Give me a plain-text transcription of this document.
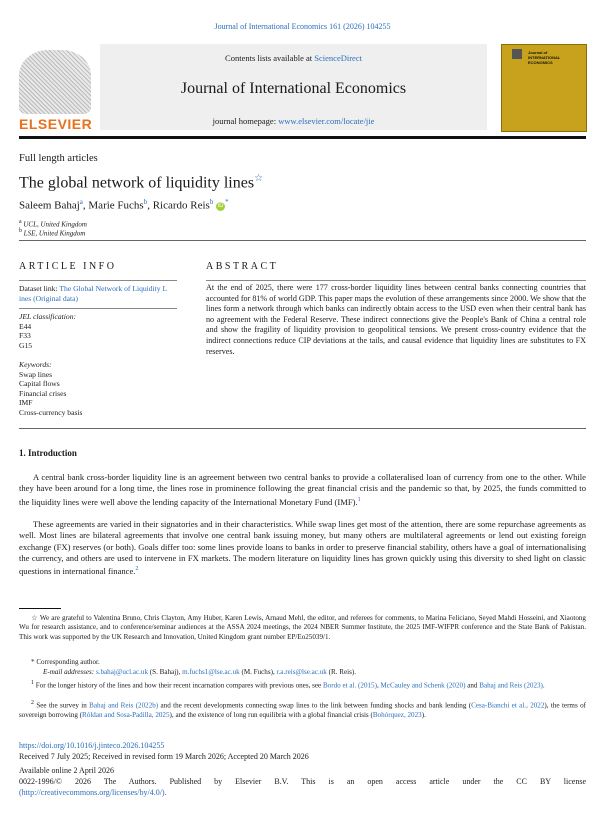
Journal of International Economics 161 (2026) 104255
ELSEVIER
Contents lists available at ScienceDirect
Journal of International Economics
journal homepage: www.elsevier.com/locate/jie
Journal of INTERNATIONAL ECONOMICS
Full length articles
The global network of liquidity lines☆
Saleem Bahaj$^a$, Marie Fuchs$^b$, Ricardo Reis$^b$ iD *
$^a$ UCL, United Kingdom
$^b$ LSE, United Kingdom
ARTICLE INFO	ABSTRACT
Dataset link: The Global Network of Liquidity L
ines (Original data)
JEL classification:
E44
F33
G15
Keywords:
Swap lines
Capital flows
Financial crises
IMF
Cross-currency basis
At the end of 2025, there were 177 cross-border liquidity lines between central banks connecting countries that accounted for 81% of world GDP. This paper maps the evolution of these arrangements since 2000. We show that the lines form a network through which banks can indirectly obtain access to the USD even when their central bank has no agreement with the Federal Reserve. These indirect connections give the People's Bank of China a central role and show the fragility of liquidity provision to geopolitical tensions. We present cross-country evidence that the indirect connections reduce CIP deviations at the tails, and causal evidence that liquidity lines are substitutes to FX reserves.
1. Introduction
A central bank cross-border liquidity line is an agreement between two central banks to provide a collateralised loan of currency from one to the other. While they have been around for a long time, the lines rose in prominence following the great financial crisis and the pandemic so that, by 2025, the funds committed to the liquidity lines were well above the lending capacity of the International Monetary Fund (IMF).$^1$
These agreements are varied in their signatories and in their characteristics. While swap lines get most of the attention, there are some repurchase agreements as well. Most lines are bilateral agreements that involve one central bank issuing money, but many others are multilateral agreements or lend out existing foreign exchange (FX) reserves (or both). Goals differ too: some lines provide loans to banks in order to preserve financial stability, others have a goal of internationalising the currency, and others are used to intervene in FX markets. The modern literature on liquidity lines has grown quickly using this diversity to shed light on classic questions in international finance.$^2$
☆ We are grateful to Valentina Bruno, Chris Clayton, Amy Huber, Karen Lewis, Arnaud Mehl, the editor, and referees for comments, to Marina Feliciano, Seyed Mahdi Hosseini, and Xiaotong Wu for research assistance, and to conference/seminar audiences at the ASSA 2024 meetings, the 2024 NBER Summer Institute, the 2025 IMF-WIFPR conference and the State Bank of Pakistan. This work was supported by the UK Research and Innovation, United Kingdom grant number EP/Eo25039/1.
* Corresponding author.
E-mail addresses: s.bahaj@ucl.ac.uk (S. Bahaj), m.fuchs1@lse.ac.uk (M. Fuchs), r.a.reis@lse.ac.uk (R. Reis).
$^1$ For the longer history of the lines and how their recent incarnation compares with previous ones, see Bordo et al. (2015), McCauley and Schenk (2020) and Bahaj and Reis (2023).
$^2$ See the survey in Bahaj and Reis (2022b) and the recent developments connecting swap lines to the link between funding shocks and bank lending (Cesa-Bianchi et al., 2022), the terms of sovereign borrowing (Róldan and Sosa-Padilla, 2025), and the existence of long run equilibria with a global financial crisis (Bohórquez, 2023).
https://doi.org/10.1016/j.jinteco.2026.104255
Received 7 July 2025; Received in revised form 19 March 2026; Accepted 20 March 2026
Available online 2 April 2026
0022-1996/© 2026 The Authors. Published by Elsevier B.V. This is an open access article under the CC BY license
(http://creativecommons.org/licenses/by/4.0/).
